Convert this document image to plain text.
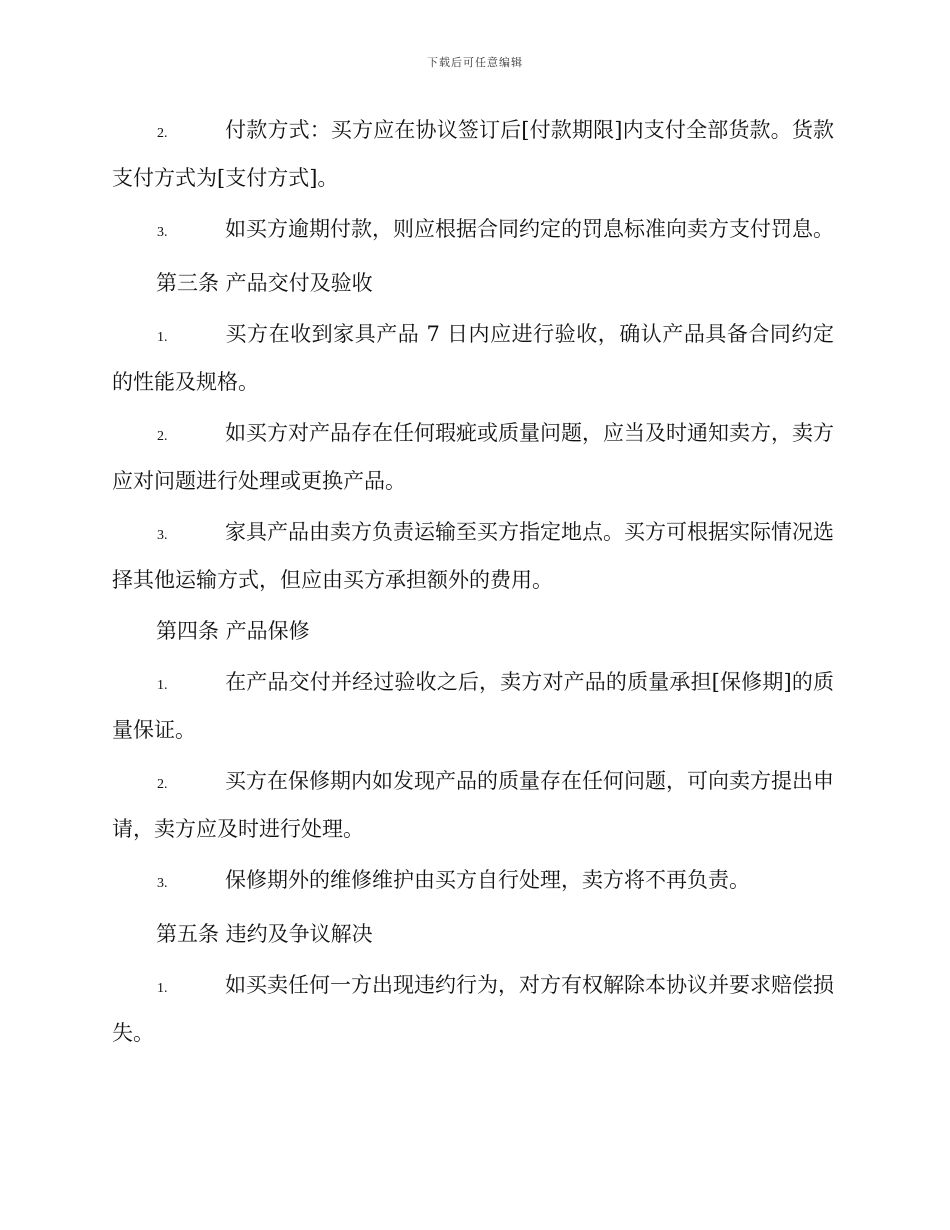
下载后可任意编辑

2.	付款方式：买方应在协议签订后[付款期限]内支付全部货款。货款支付方式为[支付方式]。

3.	如买方逾期付款，则应根据合同约定的罚息标准向卖方支付罚息。

第三条 产品交付及验收

1.	买方在收到家具产品 7 日内应进行验收，确认产品具备合同约定的性能及规格。

2.	如买方对产品存在任何瑕疵或质量问题，应当及时通知卖方，卖方应对问题进行处理或更换产品。

3.	家具产品由卖方负责运输至买方指定地点。买方可根据实际情况选择其他运输方式，但应由买方承担额外的费用。

第四条 产品保修

1.	在产品交付并经过验收之后，卖方对产品的质量承担[保修期]的质量保证。

2.	买方在保修期内如发现产品的质量存在任何问题，可向卖方提出申请，卖方应及时进行处理。

3.	保修期外的维修维护由买方自行处理，卖方将不再负责。

第五条 违约及争议解决

1.	如买卖任何一方出现违约行为，对方有权解除本协议并要求赔偿损失。
